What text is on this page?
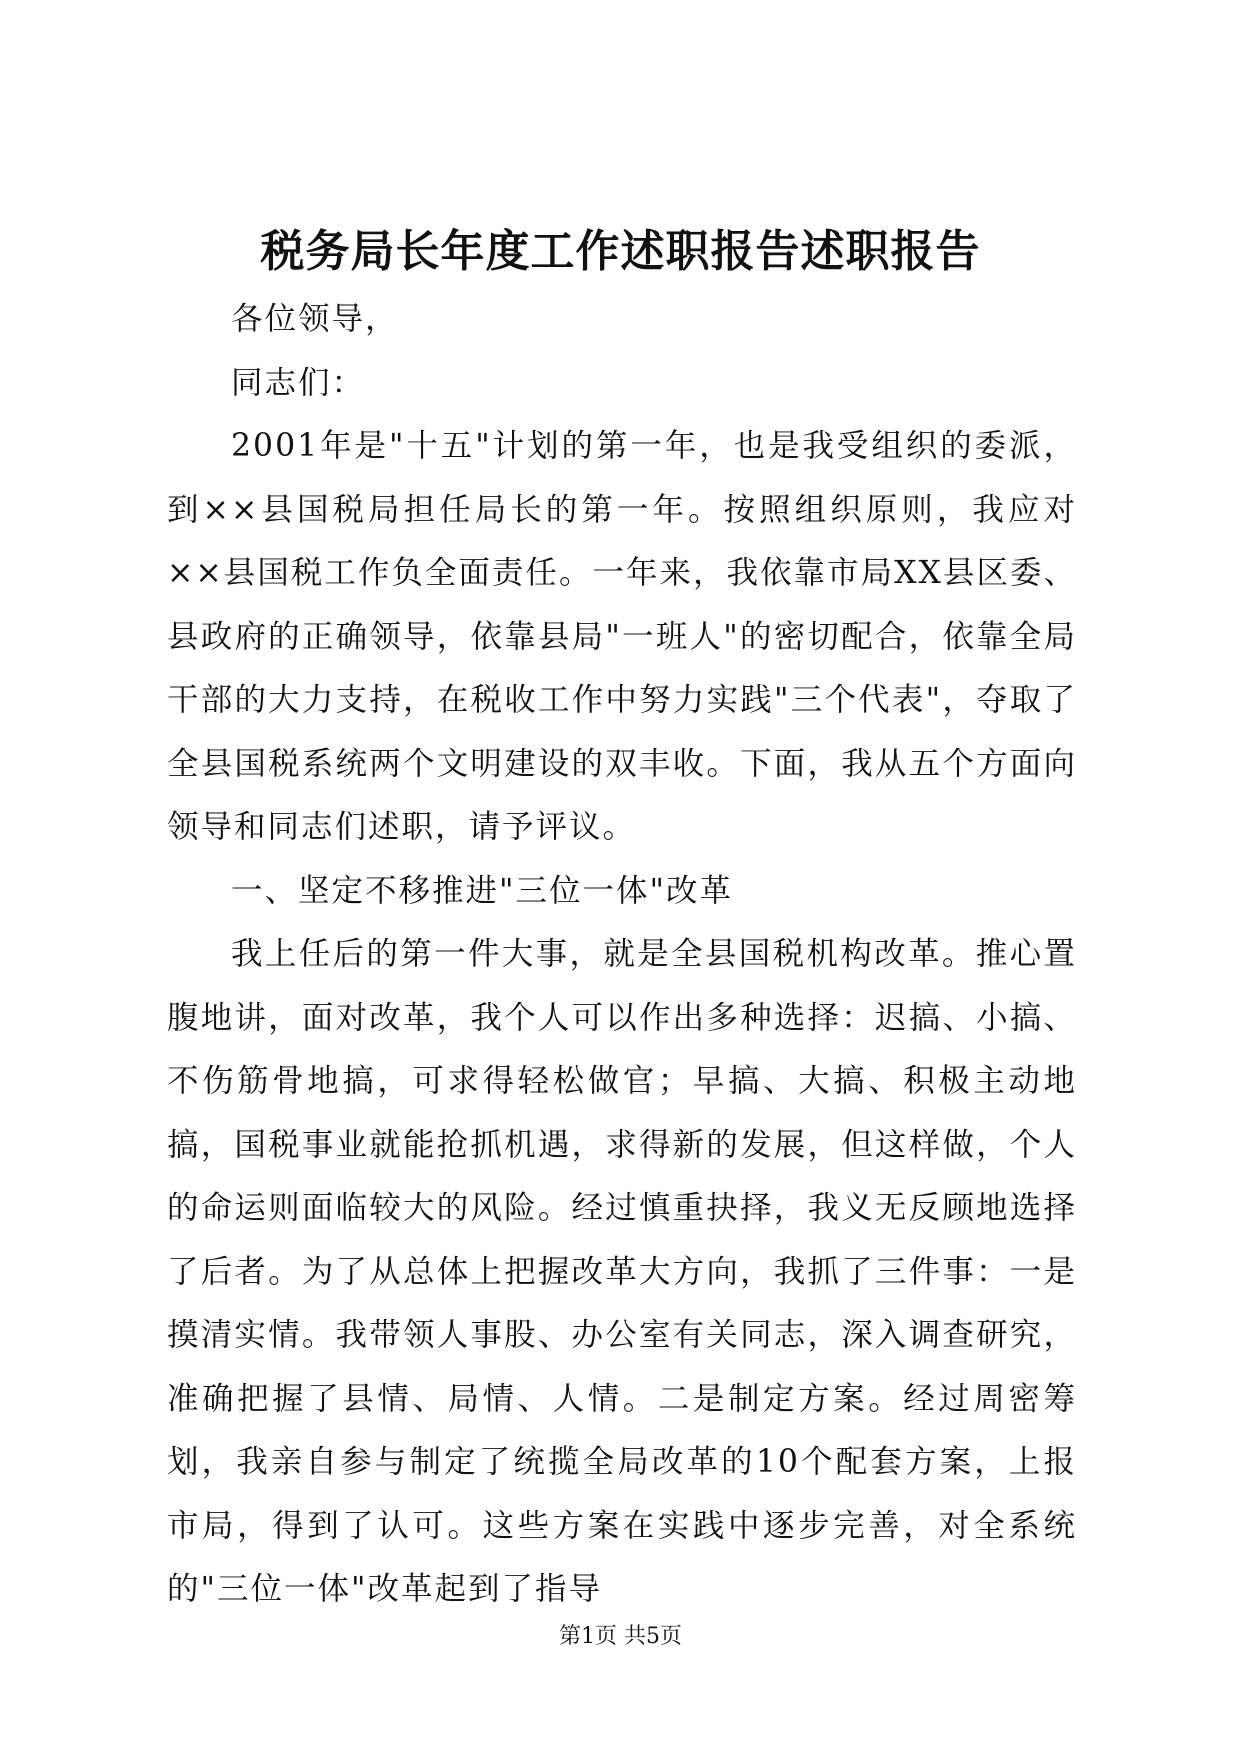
税务局长年度工作述职报告述职报告

各位领导，

同志们：

2001年是"十五"计划的第一年，也是我受组织的委派，到××县国税局担任局长的第一年。按照组织原则，我应对××县国税工作负全面责任。一年来，我依靠市局XX县区委、县政府的正确领导，依靠县局"一班人"的密切配合，依靠全局干部的大力支持，在税收工作中努力实践"三个代表"，夺取了全县国税系统两个文明建设的双丰收。下面，我从五个方面向领导和同志们述职，请予评议。

一、坚定不移推进"三位一体"改革

我上任后的第一件大事，就是全县国税机构改革。推心置腹地讲，面对改革，我个人可以作出多种选择：迟搞、小搞、不伤筋骨地搞，可求得轻松做官；早搞、大搞、积极主动地搞，国税事业就能抢抓机遇，求得新的发展，但这样做，个人的命运则面临较大的风险。经过慎重抉择，我义无反顾地选择了后者。为了从总体上把握改革大方向，我抓了三件事：一是摸清实情。我带领人事股、办公室有关同志，深入调查研究，准确把握了县情、局情、人情。二是制定方案。经过周密筹划，我亲自参与制定了统揽全局改革的10个配套方案，上报市局，得到了认可。这些方案在实践中逐步完善，对全系统的"三位一体"改革起到了指导

第1页 共5页
